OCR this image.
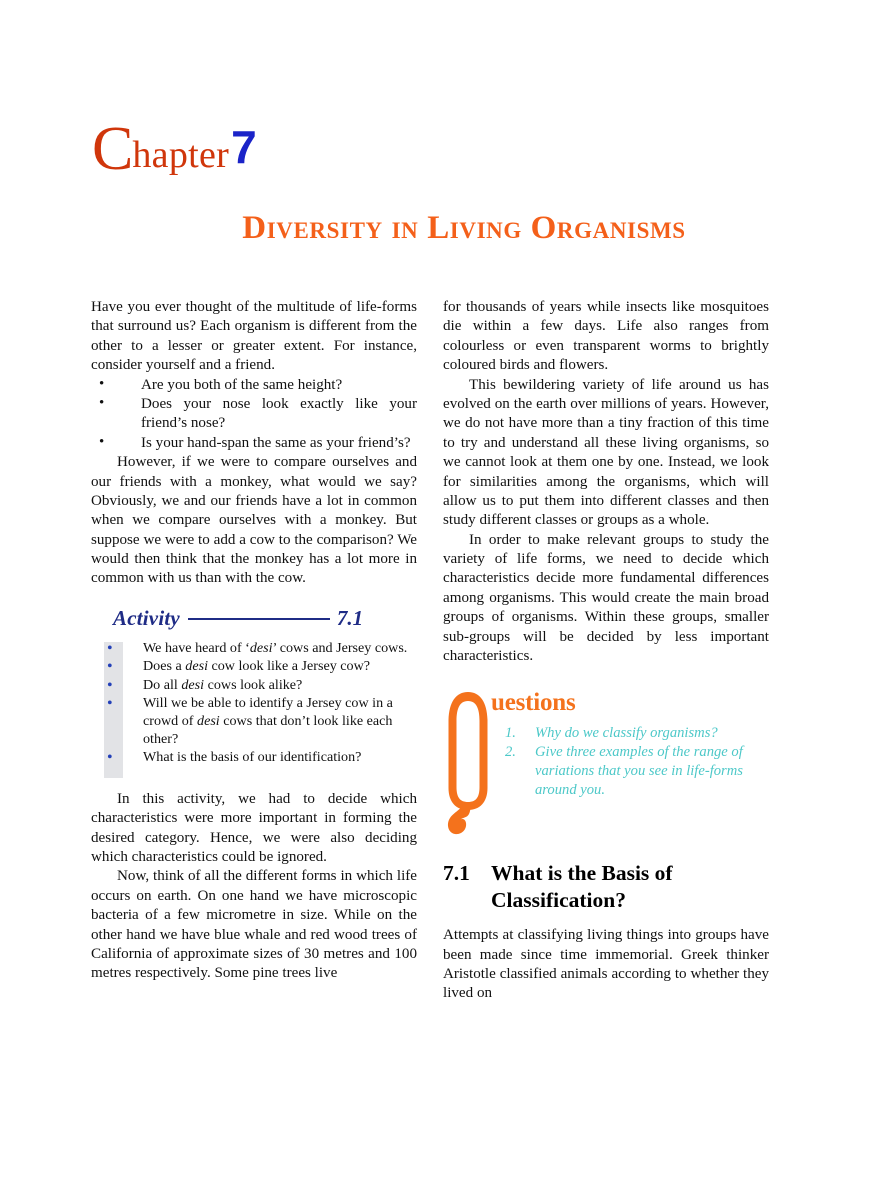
Chapter7
Diversity in Living Organisms

Have you ever thought of the multitude of life-forms that surround us? Each organism is different from the other to a lesser or greater extent. For instance, consider yourself and a friend.

• Are you both of the same height?
• Does your nose look exactly like your friend’s nose?
• Is your hand-span the same as your friend’s?

However, if we were to compare ourselves and our friends with a monkey, what would we say? Obviously, we and our friends have a lot in common when we compare ourselves with a monkey. But suppose we were to add a cow to the comparison? We would then think that the monkey has a lot more in common with us than with the cow.

Activity	7.1
• We have heard of ‘desi’ cows and Jersey cows.
• Does a desi cow look like a Jersey cow?
• Do all desi cows look alike?
• Will we be able to identify a Jersey cow in a crowd of desi cows that don’t look like each other?
• What is the basis of our identification?

In this activity, we had to decide which characteristics were more important in forming the desired category. Hence, we were also deciding which characteristics could be ignored.

Now, think of all the different forms in which life occurs on earth. On one hand we have microscopic bacteria of a few micrometre in size. While on the other hand we have blue whale and red wood trees of California of approximate sizes of 30 metres and 100 metres respectively. Some pine trees live

for thousands of years while insects like mosquitoes die within a few days. Life also ranges from colourless or even transparent worms to brightly coloured birds and flowers.

This bewildering variety of life around us has evolved on the earth over millions of years. However, we do not have more than a tiny fraction of this time to try and understand all these living organisms, so we cannot look at them one by one. Instead, we look for similarities among the organisms, which will allow us to put them into different classes and then study different classes or groups as a whole.

In order to make relevant groups to study the variety of life forms, we need to decide which characteristics decide more fundamental differences among organisms. This would create the main broad groups of organisms. Within these groups, smaller sub-groups will be decided by less important characteristics.

uestions
Why do we classify organisms?
Give three examples of the range of variations that you see in life-forms around you.
7.1 What is the Basis of Classification?

Attempts at classifying living things into groups have been made since time immemorial. Greek thinker Aristotle classified animals according to whether they lived on
